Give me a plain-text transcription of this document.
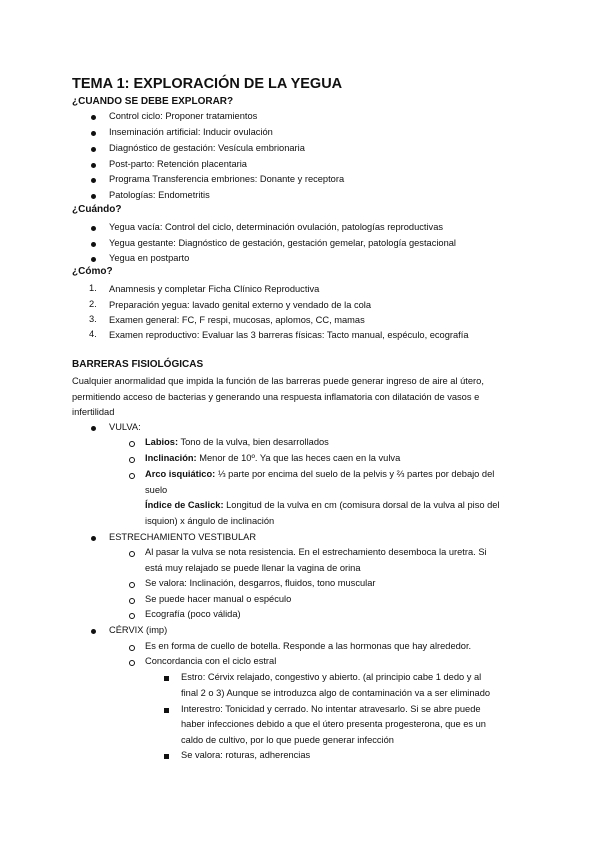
TEMA 1: EXPLORACIÓN DE LA YEGUA
¿CUANDO SE DEBE EXPLORAR?
Control ciclo: Proponer tratamientos
Inseminación artificial: Inducir ovulación
Diagnóstico de gestación: Vesícula embrionaria
Post-parto: Retención placentaria
Programa Transferencia embriones: Donante y receptora
Patologías: Endometritis
¿Cuándo?
Yegua vacía: Control del ciclo, determinación ovulación, patologías reproductivas
Yegua gestante: Diagnóstico de gestación, gestación gemelar, patología gestacional
Yegua en postparto
¿Cómo?
1. Anamnesis y completar Ficha Clínico Reproductiva
2. Preparación yegua: lavado genital externo y vendado de la cola
3. Examen general: FC, F respi, mucosas, aplomos, CC, mamas
4. Examen reproductivo: Evaluar las 3 barreras físicas: Tacto manual, espéculo, ecografía
BARRERAS FISIOLÓGICAS
Cualquier anormalidad que impida la función de las barreras puede generar ingreso de aire al útero,
permitiendo acceso de bacterias y generando una respuesta inflamatoria con dilatación de vasos e
infertilidad
VULVA:
Labios: Tono de la vulva, bien desarrollados
Inclinación: Menor de 10º. Ya que las heces caen en la vulva
Arco isquiático: ⅓ parte por encima del suelo de la pelvis y ⅔ partes por debajo del
suelo
Índice de Caslick: Longitud de la vulva en cm (comisura dorsal de la vulva al piso del
isquion) x ángulo de inclinación
ESTRECHAMIENTO VESTIBULAR
Al pasar la vulva se nota resistencia. En el estrechamiento desemboca la uretra. Si
está muy relajado se puede llenar la vagina de orina
Se valora: Inclinación, desgarros, fluidos, tono muscular
Se puede hacer manual o espéculo
Ecografía (poco válida)
CÉRVIX (imp)
Es en forma de cuello de botella. Responde a las hormonas que hay alrededor.
Concordancia con el ciclo estral
Estro: Cérvix relajado, congestivo y abierto. (al principio cabe 1 dedo y al
final 2 o 3) Aunque se introduzca algo de contaminación va a ser eliminado
Interestro: Tonicidad y cerrado. No intentar atravesarlo. Si se abre puede
haber infecciones debido a que el útero presenta progesterona, que es un
caldo de cultivo, por lo que puede generar infección
Se valora: roturas, adherencias
